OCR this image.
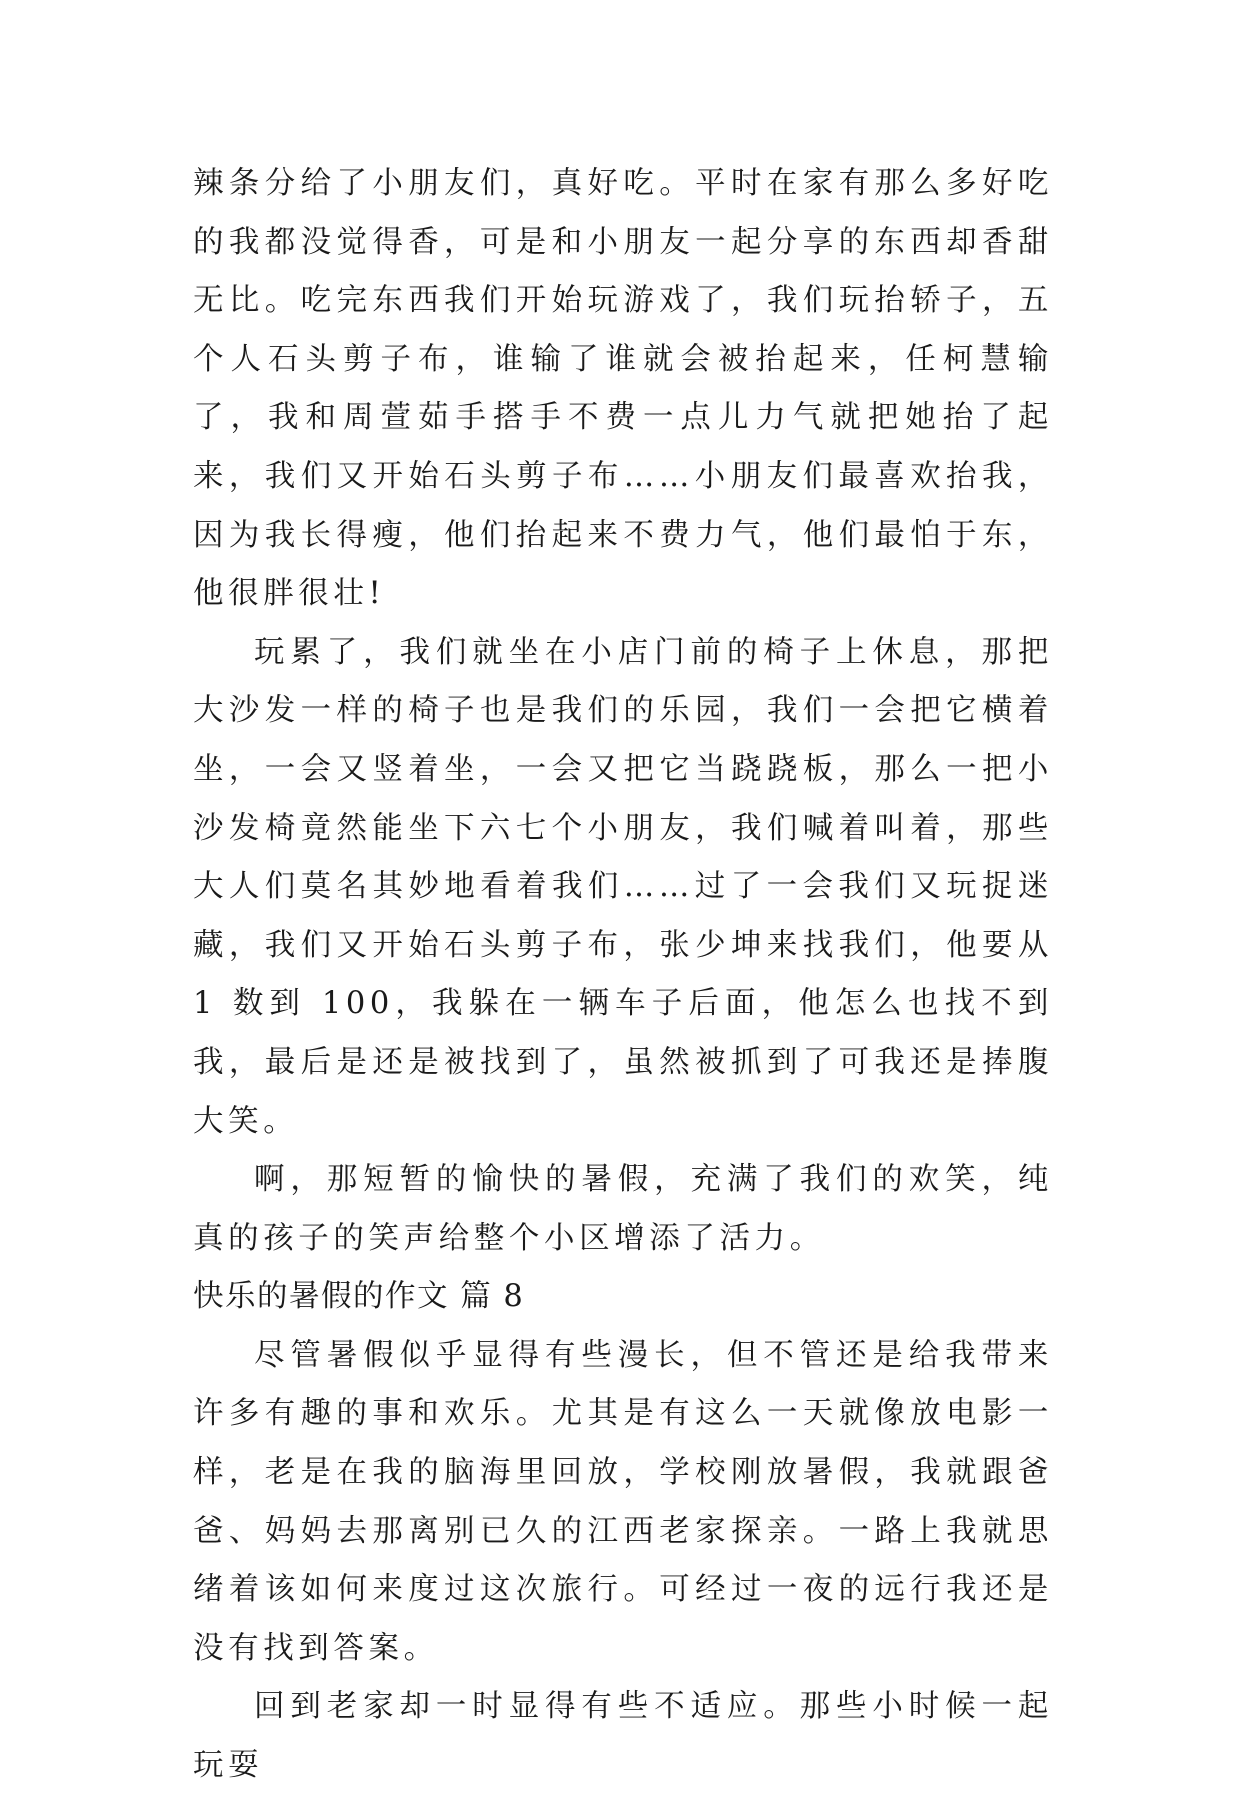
辣条分给了小朋友们，真好吃。平时在家有那么多好吃的我都没觉得香，可是和小朋友一起分享的东西却香甜无比。吃完东西我们开始玩游戏了，我们玩抬轿子，五个人石头剪子布，谁输了谁就会被抬起来，任柯慧输了，我和周萱茹手搭手不费一点儿力气就把她抬了起来，我们又开始石头剪子布……小朋友们最喜欢抬我，因为我长得瘦，他们抬起来不费力气，他们最怕于东，他很胖很壮!

玩累了，我们就坐在小店门前的椅子上休息，那把大沙发一样的椅子也是我们的乐园，我们一会把它横着坐，一会又竖着坐，一会又把它当跷跷板，那么一把小沙发椅竟然能坐下六七个小朋友，我们喊着叫着，那些大人们莫名其妙地看着我们……过了一会我们又玩捉迷藏，我们又开始石头剪子布，张少坤来找我们，他要从 1 数到 100，我躲在一辆车子后面，他怎么也找不到我，最后是还是被找到了，虽然被抓到了可我还是捧腹大笑。

啊，那短暂的愉快的暑假，充满了我们的欢笑，纯真的孩子的笑声给整个小区增添了活力。

快乐的暑假的作文 篇 8

尽管暑假似乎显得有些漫长，但不管还是给我带来许多有趣的事和欢乐。尤其是有这么一天就像放电影一样，老是在我的脑海里回放，学校刚放暑假，我就跟爸爸、妈妈去那离别已久的江西老家探亲。一路上我就思绪着该如何来度过这次旅行。可经过一夜的远行我还是没有找到答案。

回到老家却一时显得有些不适应。那些小时候一起玩耍
